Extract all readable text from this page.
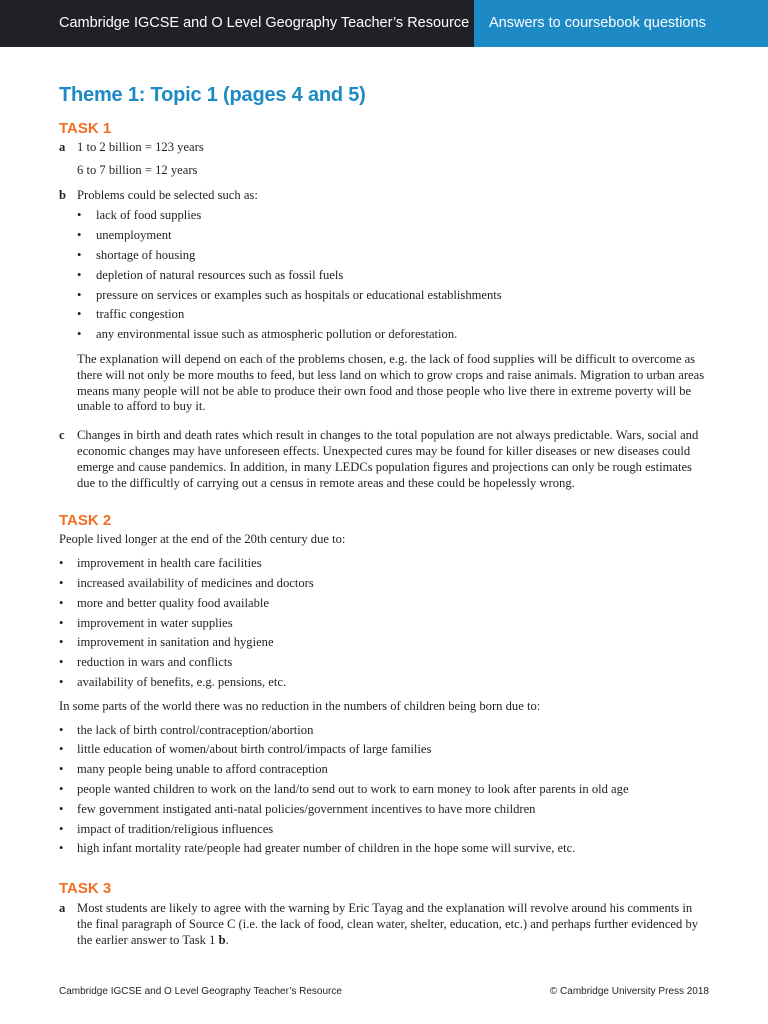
Cambridge IGCSE and O Level Geography Teacher’s Resource	Answers to coursebook questions
Theme 1: Topic 1 (pages 4 and 5)
TASK 1
a 1 to 2 billion = 123 years
6 to 7 billion = 12 years
b Problems could be selected such as:
• lack of food supplies
• unemployment
• shortage of housing
• depletion of natural resources such as fossil fuels
• pressure on services or examples such as hospitals or educational establishments
• traffic congestion
• any environmental issue such as atmospheric pollution or deforestation.
The explanation will depend on each of the problems chosen, e.g. the lack of food supplies will be difficult to overcome as there will not only be more mouths to feed, but less land on which to grow crops and raise animals. Migration to urban areas means many people will not be able to produce their own food and those people who live there in extreme poverty will be unable to afford to buy it.
c Changes in birth and death rates which result in changes to the total population are not always predictable. Wars, social and economic changes may have unforeseen effects. Unexpected cures may be found for killer diseases or new diseases could emerge and cause pandemics. In addition, in many LEDCs population figures and projections can only be rough estimates due to the difficultly of carrying out a census in remote areas and these could be hopelessly wrong.
TASK 2
People lived longer at the end of the 20th century due to:
• improvement in health care facilities
• increased availability of medicines and doctors
• more and better quality food available
• improvement in water supplies
• improvement in sanitation and hygiene
• reduction in wars and conflicts
• availability of benefits, e.g. pensions, etc.
In some parts of the world there was no reduction in the numbers of children being born due to:
• the lack of birth control/contraception/abortion
• little education of women/about birth control/impacts of large families
• many people being unable to afford contraception
• people wanted children to work on the land/to send out to work to earn money to look after parents in old age
• few government instigated anti-natal policies/government incentives to have more children
• impact of tradition/religious influences
• high infant mortality rate/people had greater number of children in the hope some will survive, etc.
TASK 3
a Most students are likely to agree with the warning by Eric Tayag and the explanation will revolve around his comments in the final paragraph of Source C (i.e. the lack of food, clean water, shelter, education, etc.) and perhaps further evidenced by the earlier answer to Task 1 b.
Cambridge IGCSE and O Level Geography Teacher’s Resource	© Cambridge University Press 2018
